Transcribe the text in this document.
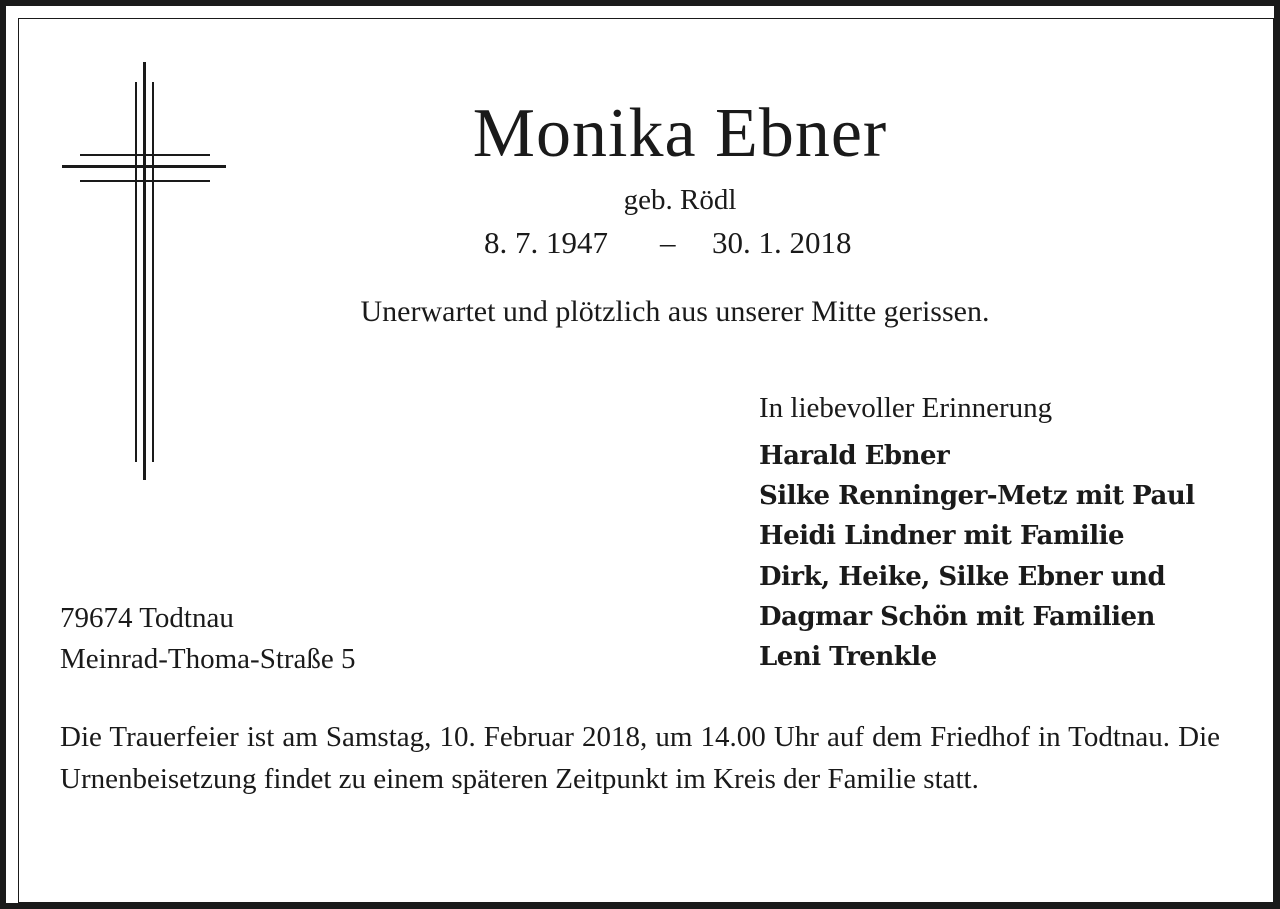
Monika Ebner
geb. Rödl
8. 7. 1947 – 30. 1. 2018
Unerwartet und plötzlich aus unserer Mitte gerissen.
In liebevoller Erinnerung
Harald Ebner
Silke Renninger-Metz mit Paul
Heidi Lindner mit Familie
Dirk, Heike, Silke Ebner und
Dagmar Schön mit Familien
Leni Trenkle
79674 Todtnau
Meinrad-Thoma-Straße 5
Die Trauerfeier ist am Samstag, 10. Februar 2018, um 14.00 Uhr auf dem Friedhof in Todtnau. Die Urnenbeisetzung findet zu einem späteren Zeitpunkt im Kreis der Familie statt.
